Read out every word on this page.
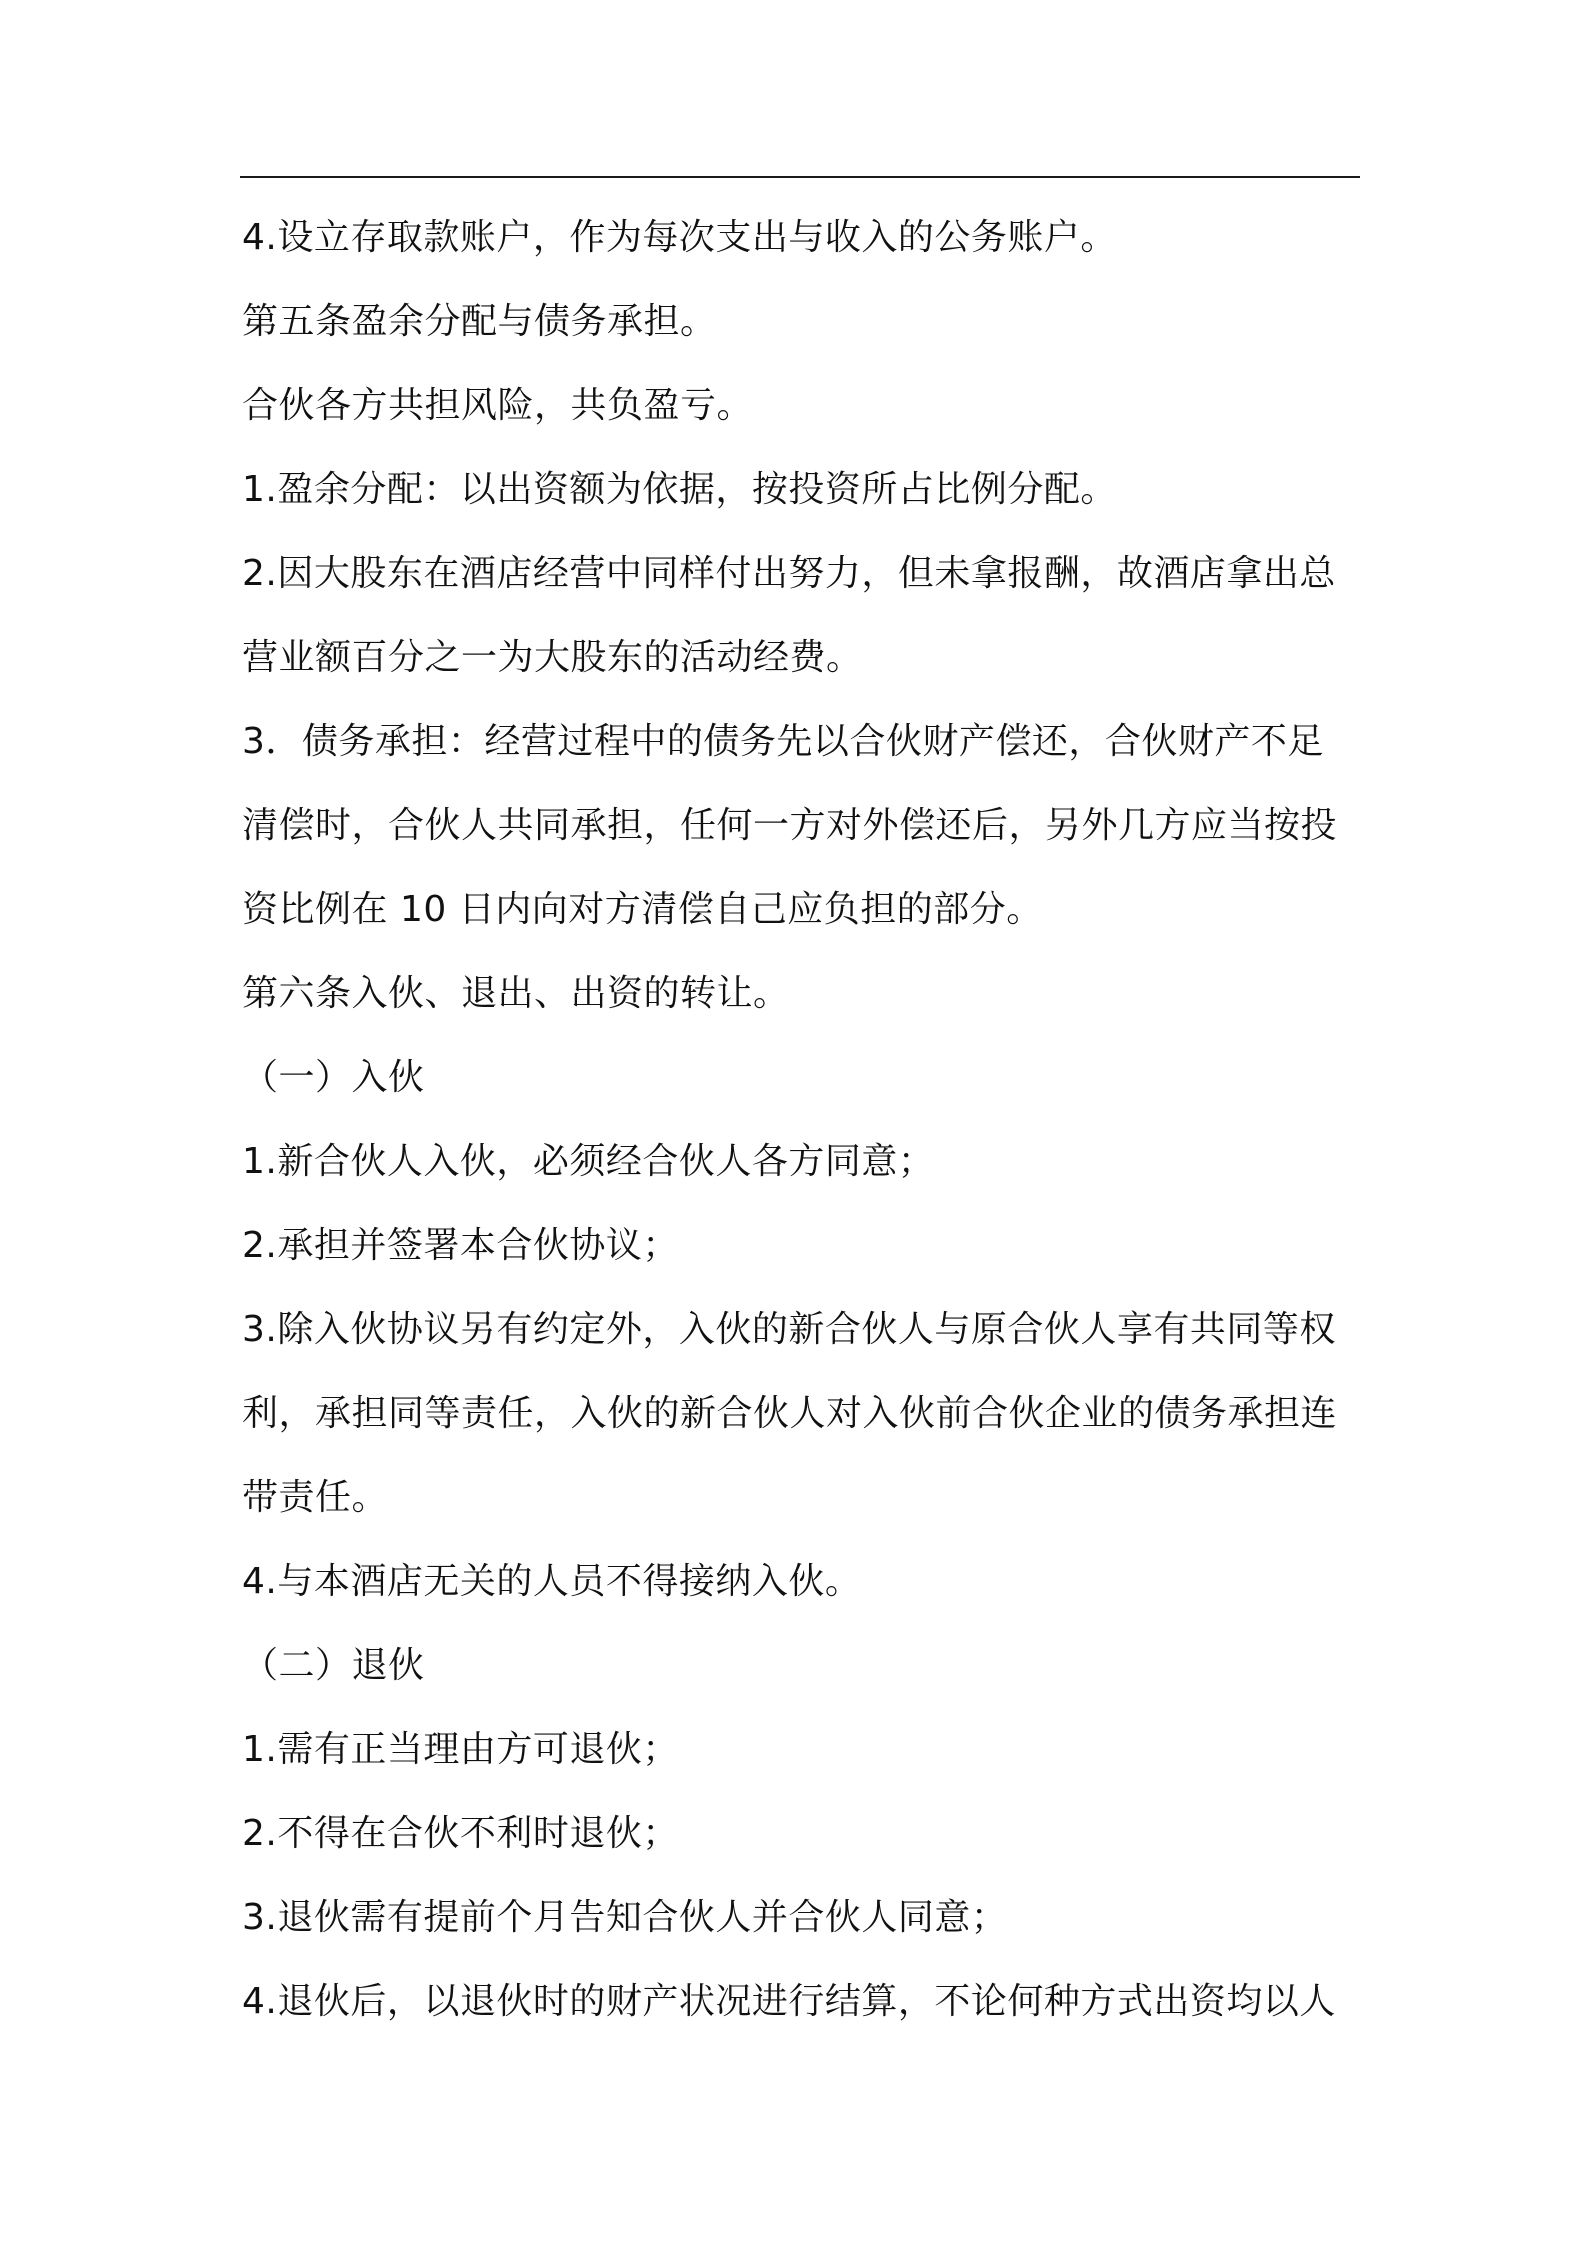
4.设立存取款账户，作为每次支出与收入的公务账户。
第五条盈余分配与债务承担。
合伙各方共担风险，共负盈亏。
1.盈余分配：以出资额为依据，按投资所占比例分配。
2.因大股东在酒店经营中同样付出努力，但未拿报酬，故酒店拿出总
营业额百分之一为大股东的活动经费。
3．债务承担：经营过程中的债务先以合伙财产偿还，合伙财产不足
清偿时，合伙人共同承担，任何一方对外偿还后，另外几方应当按投
资比例在 10 日内向对方清偿自己应负担的部分。
第六条入伙、退出、出资的转让。
（一）入伙
1.新合伙人入伙，必须经合伙人各方同意；
2.承担并签署本合伙协议；
3.除入伙协议另有约定外，入伙的新合伙人与原合伙人享有共同等权
利，承担同等责任，入伙的新合伙人对入伙前合伙企业的债务承担连
带责任。
4.与本酒店无关的人员不得接纳入伙。
（二）退伙
1.需有正当理由方可退伙；
2.不得在合伙不利时退伙；
3.退伙需有提前个月告知合伙人并合伙人同意；
4.退伙后，以退伙时的财产状况进行结算，不论何种方式出资均以人
